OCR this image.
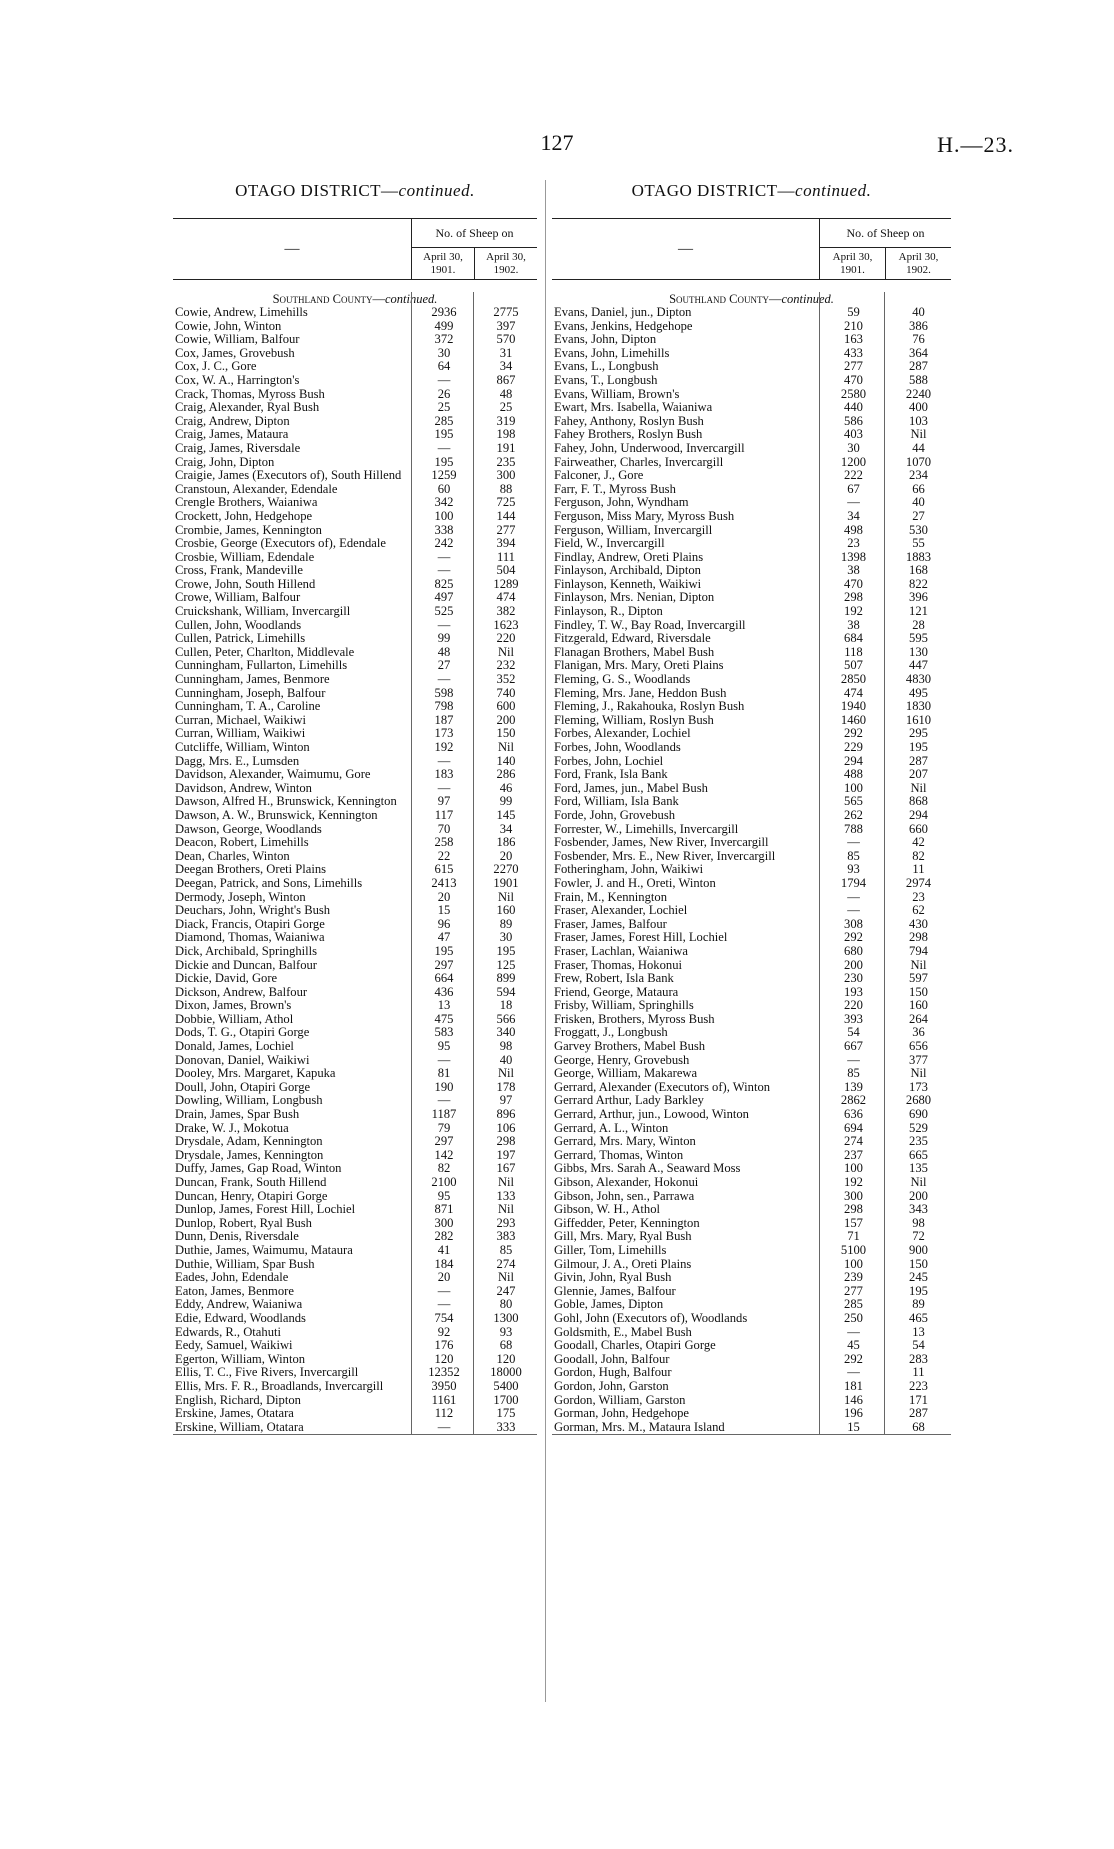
127	H.—23.
OTAGO DISTRICT—continued.
—
No. of Sheep on
April 30, 1901.
April 30, 1902.
Southland County—continued.
Cowie, Andrew, Limehills	2936	2775
Cowie, John, Winton	499	397
Cowie, William, Balfour	372	570
Cox, James, Grovebush	30	31
Cox, J. C., Gore	64	34
Cox, W. A., Harrington's	—	867
Crack, Thomas, Myross Bush	26	48
Craig, Alexander, Ryal Bush	25	25
Craig, Andrew, Dipton	285	319
Craig, James, Mataura	195	198
Craig, James, Riversdale	—	191
Craig, John, Dipton	195	235
Craigie, James (Executors of), South Hillend	1259	300
Cranstoun, Alexander, Edendale	60	88
Crengle Brothers, Waianiwa	342	725
Crockett, John, Hedgehope	100	144
Crombie, James, Kennington	338	277
Crosbie, George (Executors of), Edendale	242	394
Crosbie, William, Edendale	—	111
Cross, Frank, Mandeville	—	504
Crowe, John, South Hillend	825	1289
Crowe, William, Balfour	497	474
Cruickshank, William, Invercargill	525	382
Cullen, John, Woodlands	—	1623
Cullen, Patrick, Limehills	99	220
Cullen, Peter, Charlton, Middlevale	48	Nil
Cunningham, Fullarton, Limehills	27	232
Cunningham, James, Benmore	—	352
Cunningham, Joseph, Balfour	598	740
Cunningham, T. A., Caroline	798	600
Curran, Michael, Waikiwi	187	200
Curran, William, Waikiwi	173	150
Cutcliffe, William, Winton	192	Nil
Dagg, Mrs. E., Lumsden	—	140
Davidson, Alexander, Waimumu, Gore	183	286
Davidson, Andrew, Winton	—	46
Dawson, Alfred H., Brunswick, Kennington	97	99
Dawson, A. W., Brunswick, Kennington	117	145
Dawson, George, Woodlands	70	34
Deacon, Robert, Limehills	258	186
Dean, Charles, Winton	22	20
Deegan Brothers, Oreti Plains	615	2270
Deegan, Patrick, and Sons, Limehills	2413	1901
Dermody, Joseph, Winton	20	Nil
Deuchars, John, Wright's Bush	15	160
Diack, Francis, Otapiri Gorge	96	89
Diamond, Thomas, Waianiwa	47	30
Dick, Archibald, Springhills	195	195
Dickie and Duncan, Balfour	297	125
Dickie, David, Gore	664	899
Dickson, Andrew, Balfour	436	594
Dixon, James, Brown's	13	18
Dobbie, William, Athol	475	566
Dods, T. G., Otapiri Gorge	583	340
Donald, James, Lochiel	95	98
Donovan, Daniel, Waikiwi	—	40
Dooley, Mrs. Margaret, Kapuka	81	Nil
Doull, John, Otapiri Gorge	190	178
Dowling, William, Longbush	—	97
Drain, James, Spar Bush	1187	896
Drake, W. J., Mokotua	79	106
Drysdale, Adam, Kennington	297	298
Drysdale, James, Kennington	142	197
Duffy, James, Gap Road, Winton	82	167
Duncan, Frank, South Hillend	2100	Nil
Duncan, Henry, Otapiri Gorge	95	133
Dunlop, James, Forest Hill, Lochiel	871	Nil
Dunlop, Robert, Ryal Bush	300	293
Dunn, Denis, Riversdale	282	383
Duthie, James, Waimumu, Mataura	41	85
Duthie, William, Spar Bush	184	274
Eades, John, Edendale	20	Nil
Eaton, James, Benmore	—	247
Eddy, Andrew, Waianiwa	—	80
Edie, Edward, Woodlands	754	1300
Edwards, R., Otahuti	92	93
Eedy, Samuel, Waikiwi	176	68
Egerton, William, Winton	120	120
Ellis, T. C., Five Rivers, Invercargill	12352	18000
Ellis, Mrs. F. R., Broadlands, Invercargill	3950	5400
English, Richard, Dipton	1161	1700
Erskine, James, Otatara	112	175
Erskine, William, Otatara	—	333
OTAGO DISTRICT—continued.
—
No. of Sheep on
April 30, 1901.
April 30, 1902.
Southland County—continued.
Evans, Daniel, jun., Dipton	59	40
Evans, Jenkins, Hedgehope	210	386
Evans, John, Dipton	163	76
Evans, John, Limehills	433	364
Evans, L., Longbush	277	287
Evans, T., Longbush	470	588
Evans, William, Brown's	2580	2240
Ewart, Mrs. Isabella, Waianiwa	440	400
Fahey, Anthony, Roslyn Bush	586	103
Fahey Brothers, Roslyn Bush	403	Nil
Fahey, John, Underwood, Invercargill	30	44
Fairweather, Charles, Invercargill	1200	1070
Falconer, J., Gore	222	234
Farr, F. T., Myross Bush	67	66
Ferguson, John, Wyndham	—	40
Ferguson, Miss Mary, Myross Bush	34	27
Ferguson, William, Invercargill	498	530
Field, W., Invercargill	23	55
Findlay, Andrew, Oreti Plains	1398	1883
Finlayson, Archibald, Dipton	38	168
Finlayson, Kenneth, Waikiwi	470	822
Finlayson, Mrs. Nenian, Dipton	298	396
Finlayson, R., Dipton	192	121
Findley, T. W., Bay Road, Invercargill	38	28
Fitzgerald, Edward, Riversdale	684	595
Flanagan Brothers, Mabel Bush	118	130
Flanigan, Mrs. Mary, Oreti Plains	507	447
Fleming, G. S., Woodlands	2850	4830
Fleming, Mrs. Jane, Heddon Bush	474	495
Fleming, J., Rakahouka, Roslyn Bush	1940	1830
Fleming, William, Roslyn Bush	1460	1610
Forbes, Alexander, Lochiel	292	295
Forbes, John, Woodlands	229	195
Forbes, John, Lochiel	294	287
Ford, Frank, Isla Bank	488	207
Ford, James, jun., Mabel Bush	100	Nil
Ford, William, Isla Bank	565	868
Forde, John, Grovebush	262	294
Forrester, W., Limehills, Invercargill	788	660
Fosbender, James, New River, Invercargill	—	42
Fosbender, Mrs. E., New River, Invercargill	85	82
Fotheringham, John, Waikiwi	93	11
Fowler, J. and H., Oreti, Winton	1794	2974
Frain, M., Kennington	—	23
Fraser, Alexander, Lochiel	—	62
Fraser, James, Balfour	308	430
Fraser, James, Forest Hill, Lochiel	292	298
Fraser, Lachlan, Waianiwa	680	794
Fraser, Thomas, Hokonui	200	Nil
Frew, Robert, Isla Bank	230	597
Friend, George, Mataura	193	150
Frisby, William, Springhills	220	160
Frisken, Brothers, Myross Bush	393	264
Froggatt, J., Longbush	54	36
Garvey Brothers, Mabel Bush	667	656
George, Henry, Grovebush	—	377
George, William, Makarewa	85	Nil
Gerrard, Alexander (Executors of), Winton	139	173
Gerrard Arthur, Lady Barkley	2862	2680
Gerrard, Arthur, jun., Lowood, Winton	636	690
Gerrard, A. L., Winton	694	529
Gerrard, Mrs. Mary, Winton	274	235
Gerrard, Thomas, Winton	237	665
Gibbs, Mrs. Sarah A., Seaward Moss	100	135
Gibson, Alexander, Hokonui	192	Nil
Gibson, John, sen., Parrawa	300	200
Gibson, W. H., Athol	298	343
Giffedder, Peter, Kennington	157	98
Gill, Mrs. Mary, Ryal Bush	71	72
Giller, Tom, Limehills	5100	900
Gilmour, J. A., Oreti Plains	100	150
Givin, John, Ryal Bush	239	245
Glennie, James, Balfour	277	195
Goble, James, Dipton	285	89
Gohl, John (Executors of), Woodlands	250	465
Goldsmith, E., Mabel Bush	—	13
Goodall, Charles, Otapiri Gorge	45	54
Goodall, John, Balfour	292	283
Gordon, Hugh, Balfour	—	11
Gordon, John, Garston	181	223
Gordon, William, Garston	146	171
Gorman, John, Hedgehope	196	287
Gorman, Mrs. M., Mataura Island	15	68
